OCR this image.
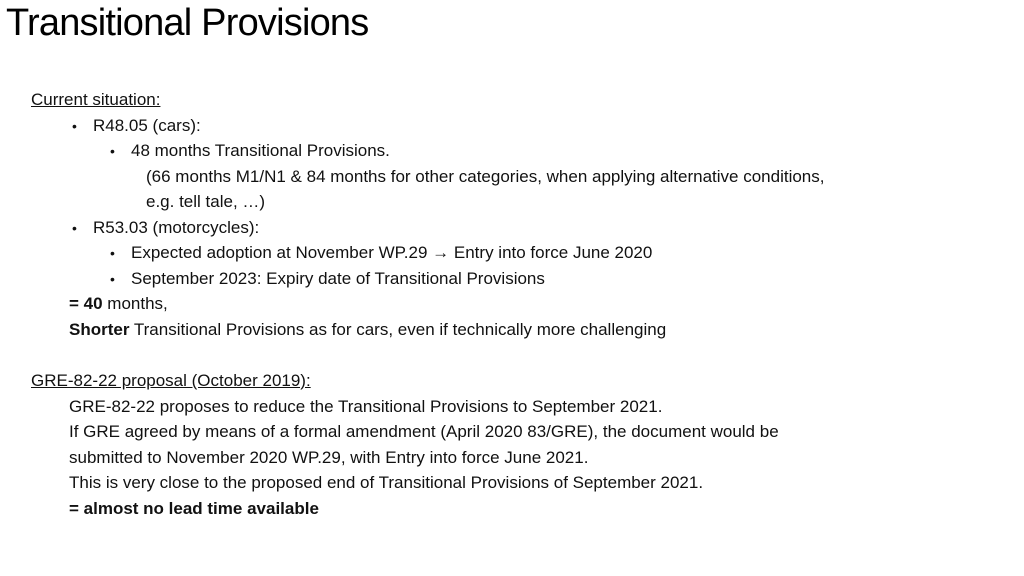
Transitional Provisions
Current situation:
• R48.05 (cars):
• 48 months Transitional Provisions.
(66 months M1/N1 & 84 months for other categories, when applying alternative conditions,
e.g. tell tale, …)
• R53.03 (motorcycles):
• Expected adoption at November WP.29 → Entry into force June 2020
• September 2023: Expiry date of Transitional Provisions
= 40 months,
Shorter Transitional Provisions as for cars, even if technically more challenging
GRE-82-22 proposal (October 2019):
GRE-82-22 proposes to reduce the Transitional Provisions to September 2021.
If GRE agreed by means of a formal amendment (April 2020 83/GRE), the document would be
submitted to November 2020 WP.29, with Entry into force June 2021.
This is very close to the proposed end of Transitional Provisions of September 2021.
= almost no lead time available
